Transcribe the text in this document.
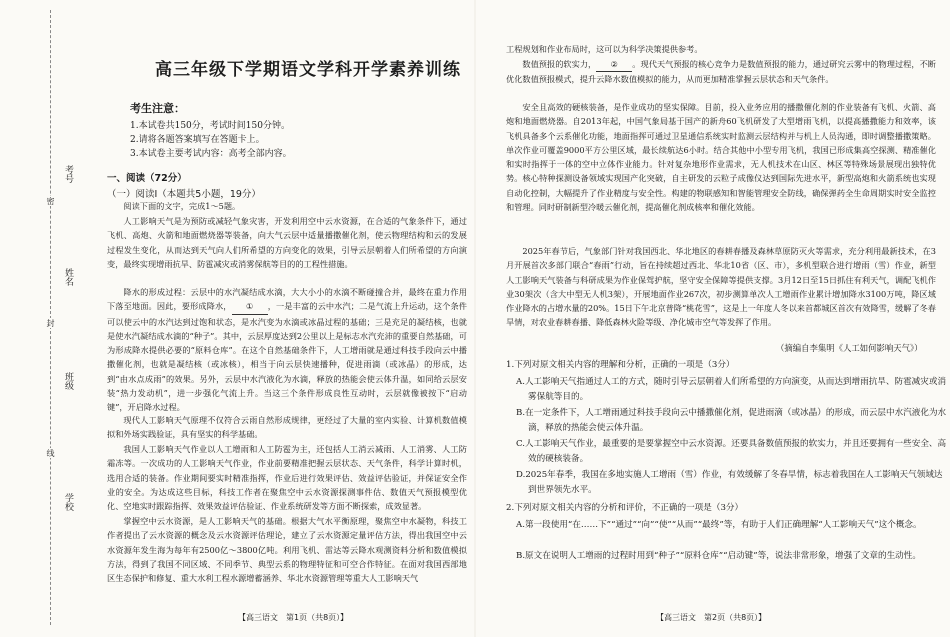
考号
姓名
班级
学校
密
封
线
高三年级下学期语文学科开学素养训练
考生注意：
1.本试卷共150分，考试时间150分钟。
2.请将各题答案填写在答题卡上。
3.本试卷主要考试内容：高考全部内容。
一、阅读（72分）
（一）阅读Ⅰ（本题共5小题，19分）
阅读下面的文字，完成1～5题。
人工影响天气是为预防或减轻气象灾害，开发利用空中云水资源，在合适的气象条件下，通过飞机、高炮、火箭和地面燃烧器等装备，向大气云层中适量播撒催化剂，使云物理结构和云的发展过程发生变化，从而达到天气向人们所希望的方向变化的效果，引导云层朝着人们所希望的方向演变，最终实现增雨抗旱、防雹减灾或消雾保航等目的的工程性措施。
降水的形成过程：云层中的水汽凝结成水滴，大大小小的水滴不断碰撞合并，最终在重力作用下落至地面。因此，要形成降水， ① ，一是丰富的云中水汽；二是气流上升运动，这个条件可以使云中的水汽达到过饱和状态，是水汽变为水滴或冰晶过程的基础；三是充足的凝结核，也就是使水汽凝结成水滴的“种子”。其中，云层厚度达到2公里以上是标志水汽充沛的重要自然基础，可为形成降水提供必要的“原料仓库”。在这个自然基础条件下，人工增雨就是通过科技手段向云中播撒催化剂，也就是凝结核（或冰核），相当于向云层快速播种，促进雨滴（或冰晶）的形成，达到“由水点成雨”的效果。另外，云层中水汽液化为水滴，释放的热能会使云体升温，如同给云层安装“热力发动机”，进一步强化气流上升。当这三个条件形成良性互动时，云层就像被按下“启动键”，开启降水过程。
现代人工影响天气原理不仅符合云雨自然形成规律，更经过了大量的室内实验、计算机数值模拟和外场实践验证，具有坚实的科学基础。
我国人工影响天气作业以人工增雨和人工防雹为主，还包括人工消云减雨、人工消雾、人工防霜冻等。一次成功的人工影响天气作业，作业前要精准把握云层状态、天气条件，科学计算时机，选用合适的装备。作业期间要实时精准指挥，作业后进行效果评估、效益评估验证，并保证安全作业的安全。为达成这些目标，科技工作者在聚焦空中云水资源探测事件估、数值天气预报模型优化、空地实时跟踪指挥、效果效益评估验证、作业系统研发等方面不断探索，成效显著。
掌握空中云水资源，是人工影响天气的基础。根据大气水平衡原理，聚焦空中水凝物，科技工作者提出了云水资源的概念及云水资源评估理论，建立了云水资源定量评估方法，得出我国空中云水资源年发生海为每年有2500亿～3800亿吨。利用飞机、雷达等云降水观测资料分析和数值模拟方法，得到了我国不同区域、不同季节、典型云系的物理特征和可空合作特征。在面对我国西部地区生态保护和修复、重大水利工程水源增蓄涵养、华北水资源管理等重大人工影响天气
【高三语文　第1页（共8页）】
工程规划和作业布局时，这可以为科学决策提供参考。
数值预报的软实力， ② 。现代天气预报的核心竞争力是数值预报的能力，通过研究云雾中的物理过程，不断优化数值预报模式，提升云降水数值模拟的能力，从而更加精准掌握云层状态和天气条件。
安全且高效的硬核装备，是作业成功的坚实保障。目前，投入业务应用的播撒催化剂的作业装备有飞机、火箭、高炮和地面燃烧器。自2013年起，中国气象局基于国产的新舟60飞机研发了大型增雨飞机，以提高播撒能力和效率，该飞机具备多个云系催化功能，地面指挥可通过卫星通信系统实时监测云层结构并与机上人员沟通，即时调整播撒策略。单次作业可覆盖9000平方公里区域，最长续航达6小时。结合其他中小型专用飞机，我国已形成集高空探测、精准催化和实时指挥于一体的空中立体作业能力。针对复杂地形作业需求，无人机技术在山区、林区等特殊场景展现出独特优势。核心特种探测设备领域实现国产化突破，自主研发的云粒子成像仪达到国际先进水平，新型高炮和火箭系统也实现自动化控制，大幅提升了作业精度与安全性。构建的物联感知和智能管理安全防线，确保弹药全生命周期实时安全监控和管理。同时研制新型冷暖云催化剂，提高催化剂成核率和催化效能。
2025年春节后，气象部门针对我国西北、华北地区的春耕春播及森林草原防灭火等需求，充分利用最新技术，在3月开展首次多部门联合“春雨”行动，旨在持续超过西北、华北10省（区、市），多机型联合进行增雨（雪）作业，新型人工影响天气装备与科研成果为作业保驾护航，坚守安全保障等提供支撑。3月12日至15日抓住有利天气，调配飞机作业30架次（含大中型无人机3架），开展地面作业267次，初步测算单次人工增雨作业累计增加降水3100万吨，降区域作业降水的占增水量的20%。15日下午北京普降“桃花雪”，这是上一年度人冬以来首都城区首次有效降雪，缓解了冬春旱情，对农业春耕春播、降低森林火险等级、净化城市空气等发挥了作用。
（摘编自李集明《人工如何影响天气》）
1.下列对原文相关内容的理解和分析，正确的一项是（3分）
A.人工影响天气指通过人工的方式，随时引导云层朝着人们所希望的方向演变，从而达到增雨抗旱、防雹减灾或消雾保航等目的。
B.在一定条件下，人工增雨通过科技手段向云中播撒催化剂，促进雨滴（或冰晶）的形成，而云层中水汽液化为水滴，释放的热能会使云体升温。
C.人工影响天气作业，最重要的是要掌握空中云水资源。还要具备数值预报的软实力，并且还要拥有一些安全、高效的硬核装备。
D.2025年春季，我国在多地实施人工增雨（雪）作业，有效缓解了冬春旱情，标志着我国在人工影响天气领域达到世界领先水平。
2.下列对原文相关内容的分析和评价，不正确的一项是（3分）
A.第一段使用“在……下”“通过”“向”“使”“从而”“最终”等，有助于人们正确理解“人工影响天气”这个概念。
B.原文在说明人工增雨的过程时用到“种子”“原料仓库”“启动键”等，说法非常形象，增强了文章的生动性。
【高三语文　第2页（共8页）】
